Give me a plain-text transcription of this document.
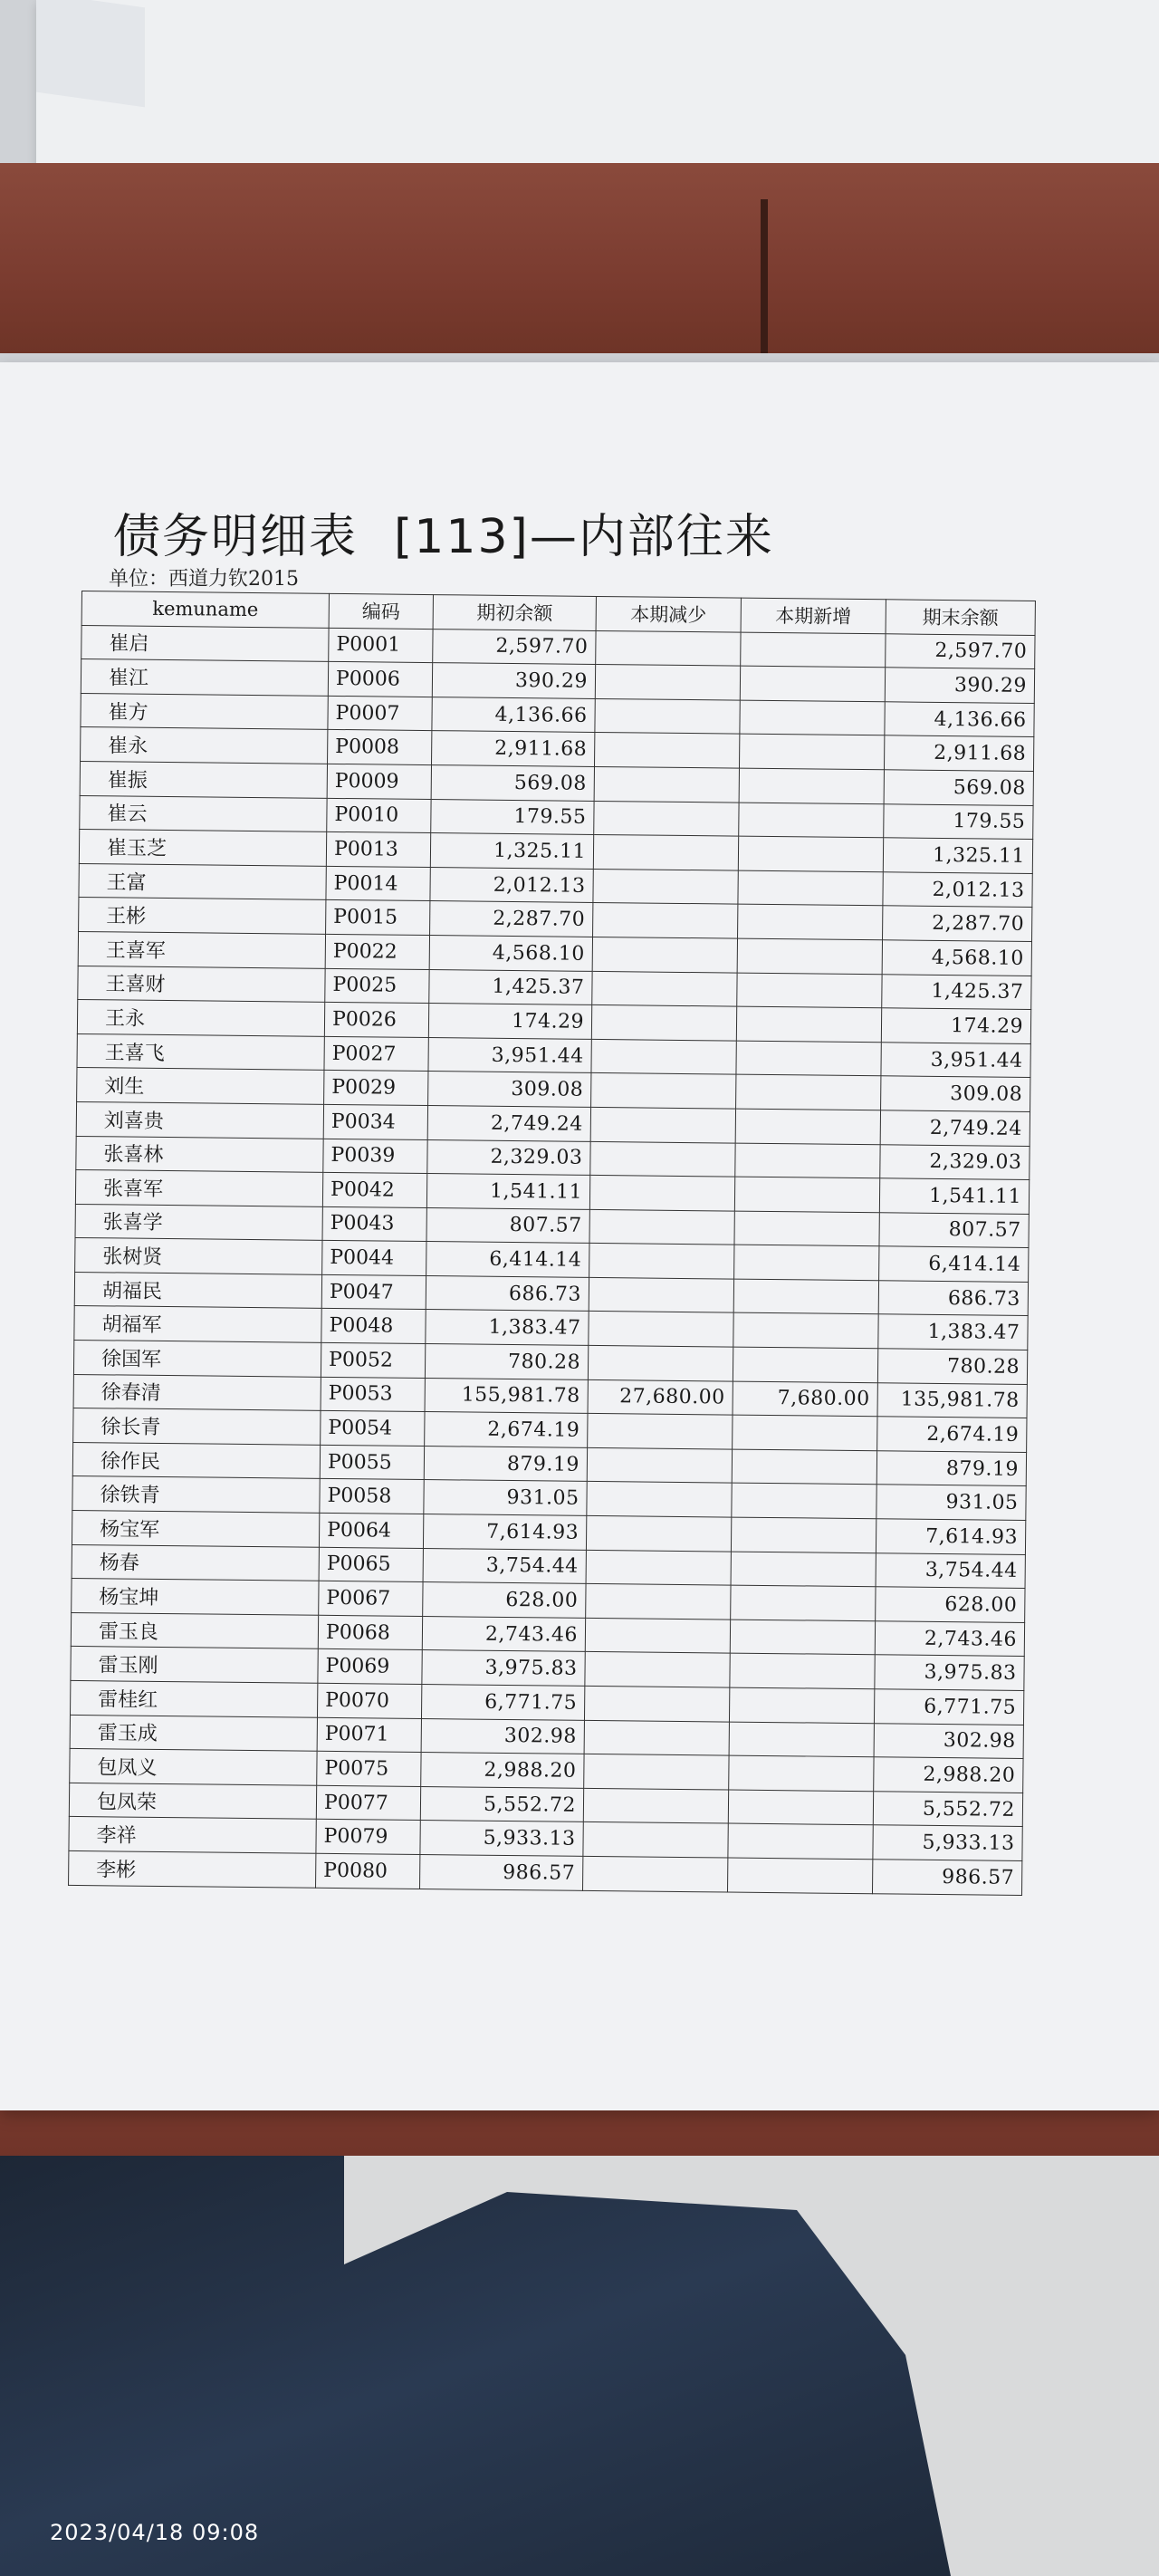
债务明细表 [113]—内部往来
单位：西道力钦2015
kemuname	编码	期初余额	本期减少	本期新增	期末余额
崔启	P0001	2,597.70			2,597.70
崔江	P0006	390.29			390.29
崔方	P0007	4,136.66			4,136.66
崔永	P0008	2,911.68			2,911.68
崔振	P0009	569.08			569.08
崔云	P0010	179.55			179.55
崔玉芝	P0013	1,325.11			1,325.11
王富	P0014	2,012.13			2,012.13
王彬	P0015	2,287.70			2,287.70
王喜军	P0022	4,568.10			4,568.10
王喜财	P0025	1,425.37			1,425.37
王永	P0026	174.29			174.29
王喜飞	P0027	3,951.44			3,951.44
刘生	P0029	309.08			309.08
刘喜贵	P0034	2,749.24			2,749.24
张喜林	P0039	2,329.03			2,329.03
张喜军	P0042	1,541.11			1,541.11
张喜学	P0043	807.57			807.57
张树贤	P0044	6,414.14			6,414.14
胡福民	P0047	686.73			686.73
胡福军	P0048	1,383.47			1,383.47
徐国军	P0052	780.28			780.28
徐春清	P0053	155,981.78	27,680.00	7,680.00	135,981.78
徐长青	P0054	2,674.19			2,674.19
徐作民	P0055	879.19			879.19
徐铁青	P0058	931.05			931.05
杨宝军	P0064	7,614.93			7,614.93
杨春	P0065	3,754.44			3,754.44
杨宝坤	P0067	628.00			628.00
雷玉良	P0068	2,743.46			2,743.46
雷玉刚	P0069	3,975.83			3,975.83
雷桂红	P0070	6,771.75			6,771.75
雷玉成	P0071	302.98			302.98
包凤义	P0075	2,988.20			2,988.20
包凤荣	P0077	5,552.72			5,552.72
李祥	P0079	5,933.13			5,933.13
李彬	P0080	986.57			986.57
2023/04/18 09:08
